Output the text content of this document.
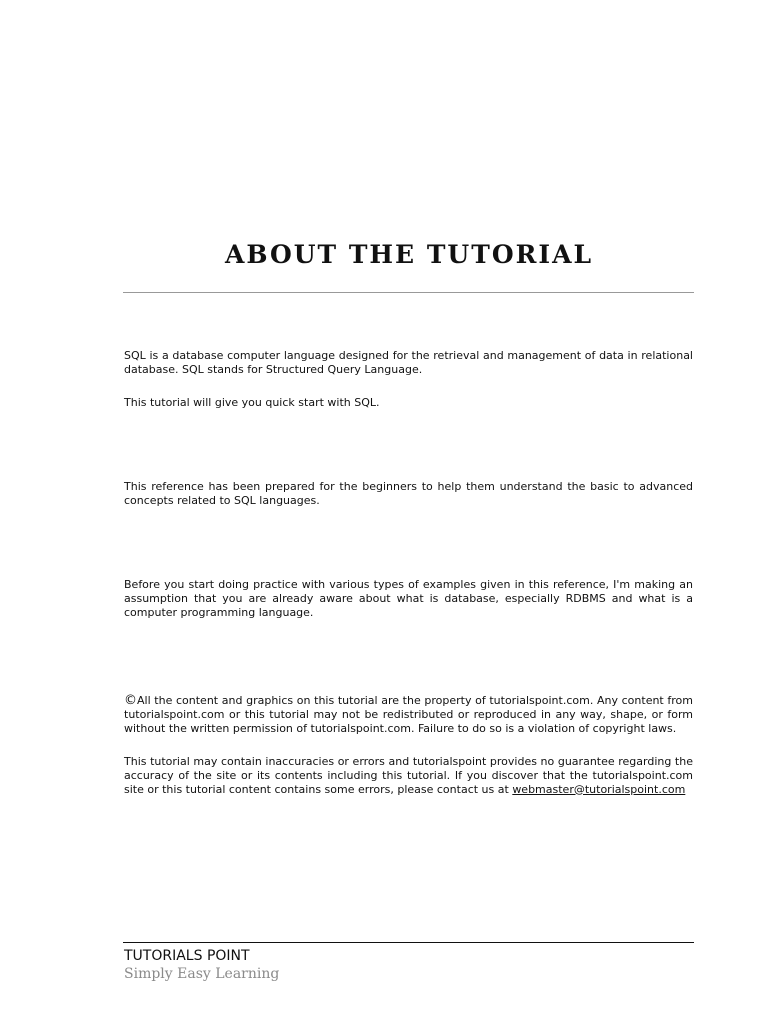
ABOUT THE TUTORIAL

SQL is a database computer language designed for the retrieval and management of data in relational database. SQL stands for Structured Query Language.

This tutorial will give you quick start with SQL.

This reference has been prepared for the beginners to help them understand the basic to advanced concepts related to SQL languages.

Before you start doing practice with various types of examples given in this reference, I'm making an assumption that you are already aware about what is database, especially RDBMS and what is a computer programming language.

©All the content and graphics on this tutorial are the property of tutorialspoint.com. Any content from tutorialspoint.com or this tutorial may not be redistributed or reproduced in any way, shape, or form without the written permission of tutorialspoint.com. Failure to do so is a violation of copyright laws.

This tutorial may contain inaccuracies or errors and tutorialspoint provides no guarantee regarding the accuracy of the site or its contents including this tutorial. If you discover that the tutorialspoint.com site or this tutorial content contains some errors, please contact us at webmaster@tutorialspoint.com

TUTORIALS POINT
Simply Easy Learning
